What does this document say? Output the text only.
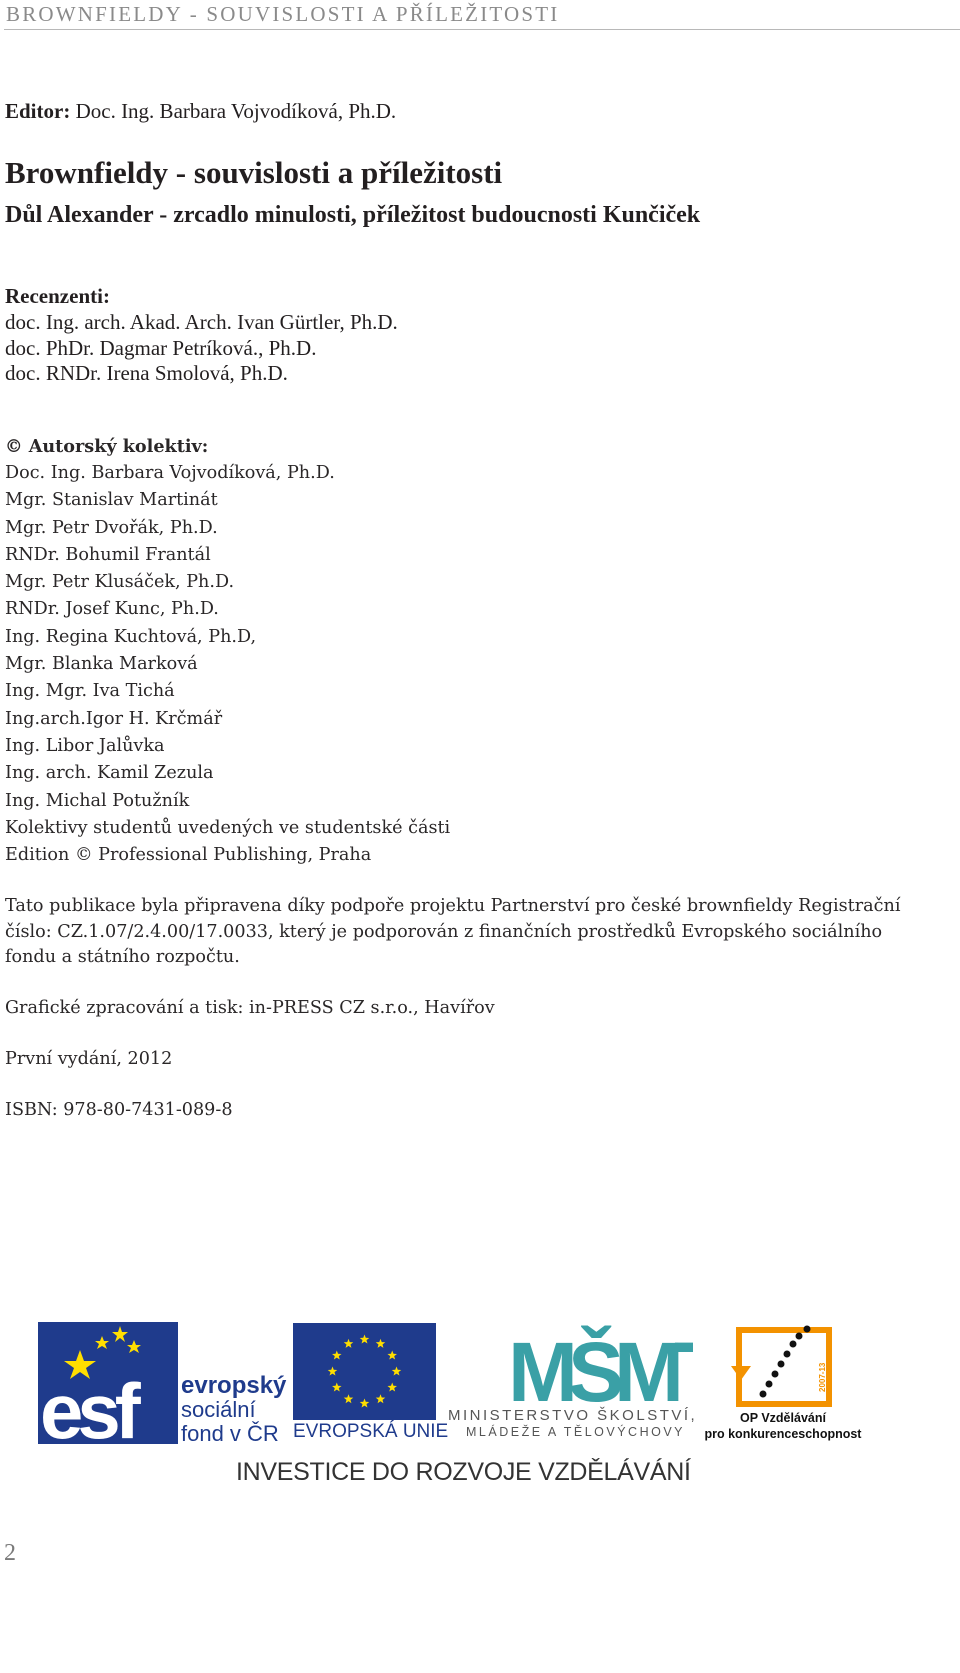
BROWNFIELDY - SOUVISLOSTI A PŘÍLEŽITOSTI
Editor: Doc. Ing. Barbara Vojvodíková, Ph.D.
Brownfieldy - souvislosti a příležitosti
Důl Alexander - zrcadlo minulosti, příležitost budoucnosti Kunčiček
Recenzenti:
doc. Ing. arch. Akad. Arch. Ivan Gürtler, Ph.D.
doc. PhDr. Dagmar Petríková., Ph.D.
doc. RNDr. Irena Smolová, Ph.D.
© Autorský kolektiv:
Doc. Ing. Barbara Vojvodíková, Ph.D.
Mgr. Stanislav Martinát
Mgr. Petr Dvořák, Ph.D.
RNDr. Bohumil Frantál
Mgr. Petr Klusáček, Ph.D.
RNDr. Josef Kunc, Ph.D.
Ing. Regina Kuchtová, Ph.D,
Mgr. Blanka Marková
Ing. Mgr. Iva Tichá
Ing.arch.Igor H. Krčmář
Ing. Libor Jalůvka
Ing. arch. Kamil Zezula
Ing. Michal Potužník
Kolektivy studentů uvedených ve studentské části
Edition © Professional Publishing, Praha
Tato publikace byla připravena díky podpoře projektu Partnerství pro české brownfieldy Registrační
číslo: CZ.1.07/2.4.00/17.0033, který je podporován z finančních prostředků Evropského sociálního
fondu a státního rozpočtu.
Grafické zpracování a tisk: in-PRESS CZ s.r.o., Havířov
První vydání, 2012
ISBN: 978-80-7431-089-8
esf evropský
sociální
fond v ČR EVROPSKÁ UNIE
MŠM
MINISTERSTVO ŠKOLSTVÍ,
MLÁDEŽE A TĚLOVÝCHOVY
2007-13
OP Vzdělávání
pro konkurenceschopnost
INVESTICE DO ROZVOJE VZDĚLÁVÁNÍ
2
